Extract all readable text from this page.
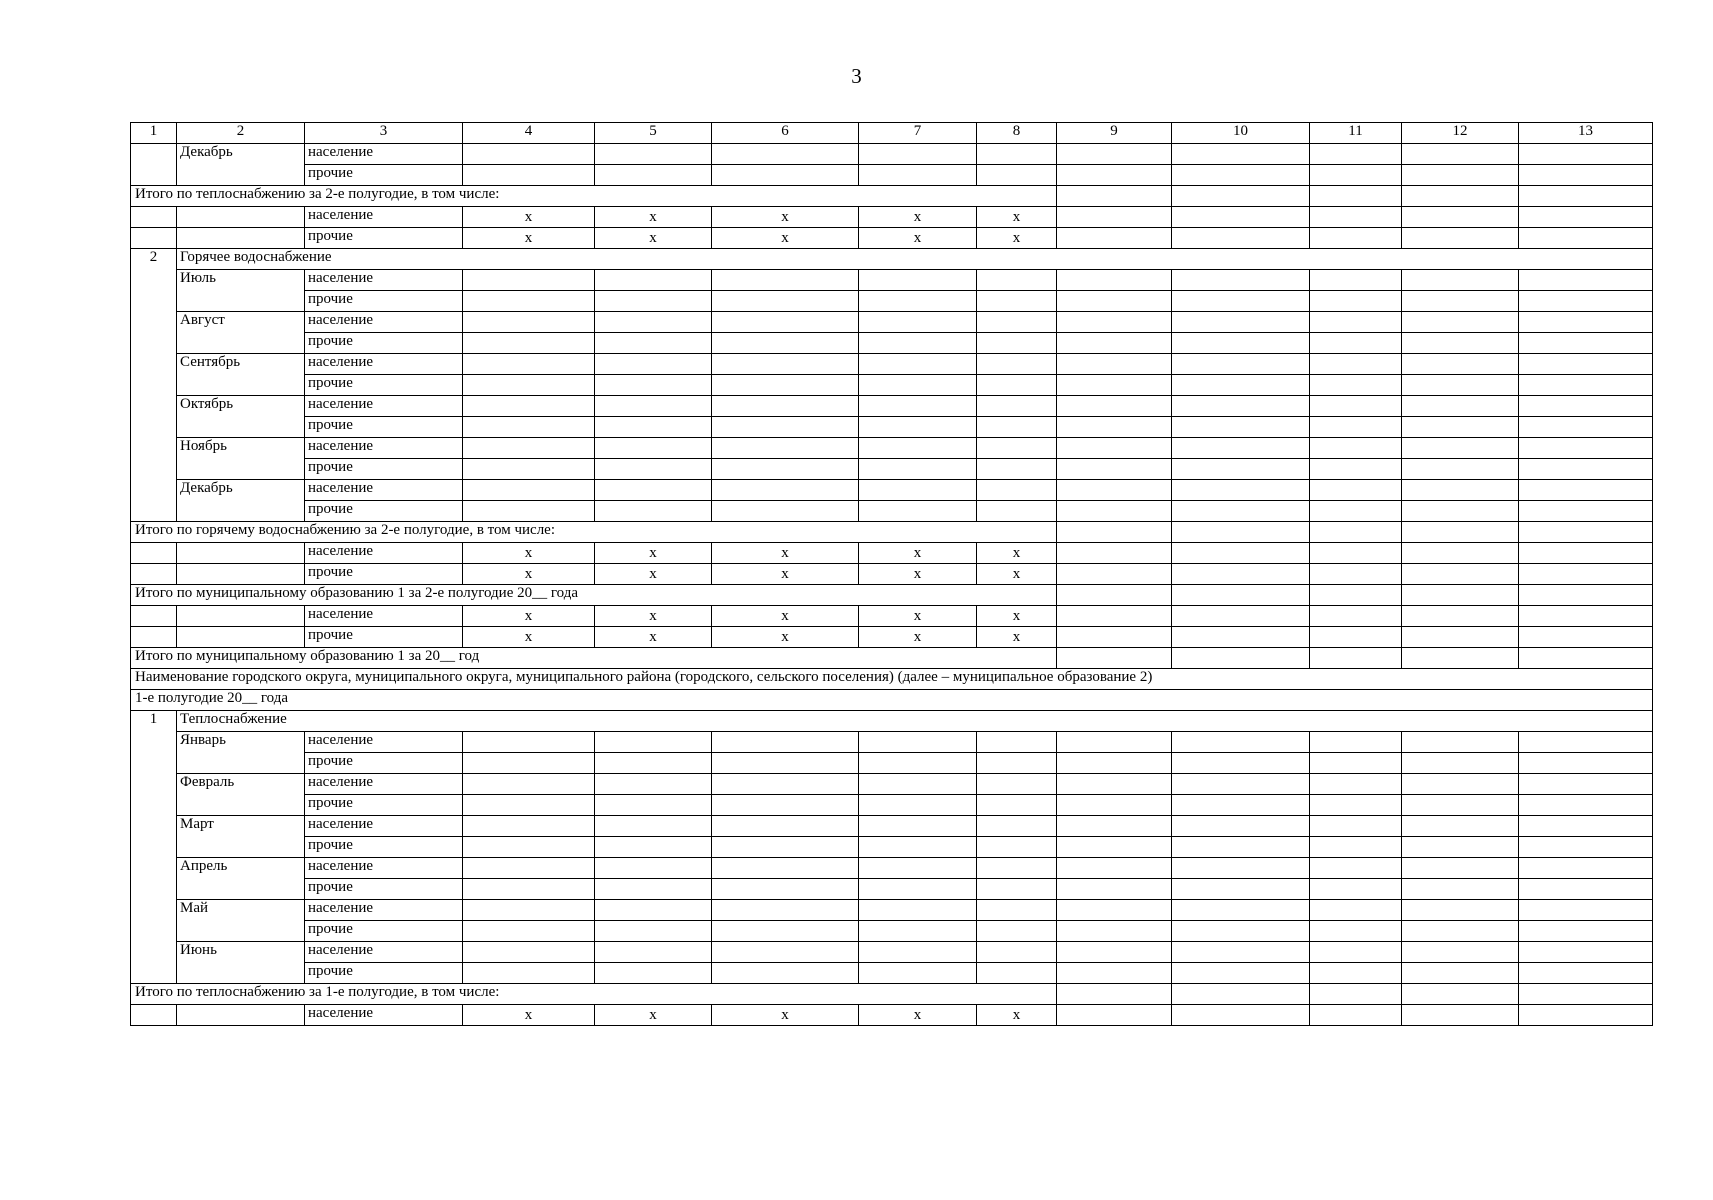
3
1	2	3	4	5	6	7	8	9	10	11	12	13
	Декабрь	население										
		прочие										
Итого по теплоснабжению за 2-е полугодие, в том числе:												
		население	x	x	x	x	x					
		прочие	x	x	x	x	x					
2	Горячее водоснабжение											
	Июль	население										
		прочие										
	Август	население										
		прочие										
	Сентябрь	население										
		прочие										
	Октябрь	население										
		прочие										
	Ноябрь	население										
		прочие										
	Декабрь	население										
		прочие										
Итого по горячему водоснабжению за 2-е полугодие, в том числе:												
		население	x	x	x	x	x					
		прочие	x	x	x	x	x					
Итого по муниципальному образованию 1 за 2-е полугодие 20__ года												
		население	x	x	x	x	x					
		прочие	x	x	x	x	x					
Итого по муниципальному образованию 1 за 20__ год												
Наименование городского округа, муниципального округа, муниципального района (городского, сельского поселения) (далее – муниципальное образование 2)												
1-е полугодие 20__ года												
1	Теплоснабжение											
	Январь	население										
		прочие										
	Февраль	население										
		прочие										
	Март	население										
		прочие										
	Апрель	население										
		прочие										
	Май	население										
		прочие										
	Июнь	население										
		прочие										
Итого по теплоснабжению за 1-е полугодие, в том числе:												
		население	x	x	x	x	x					
